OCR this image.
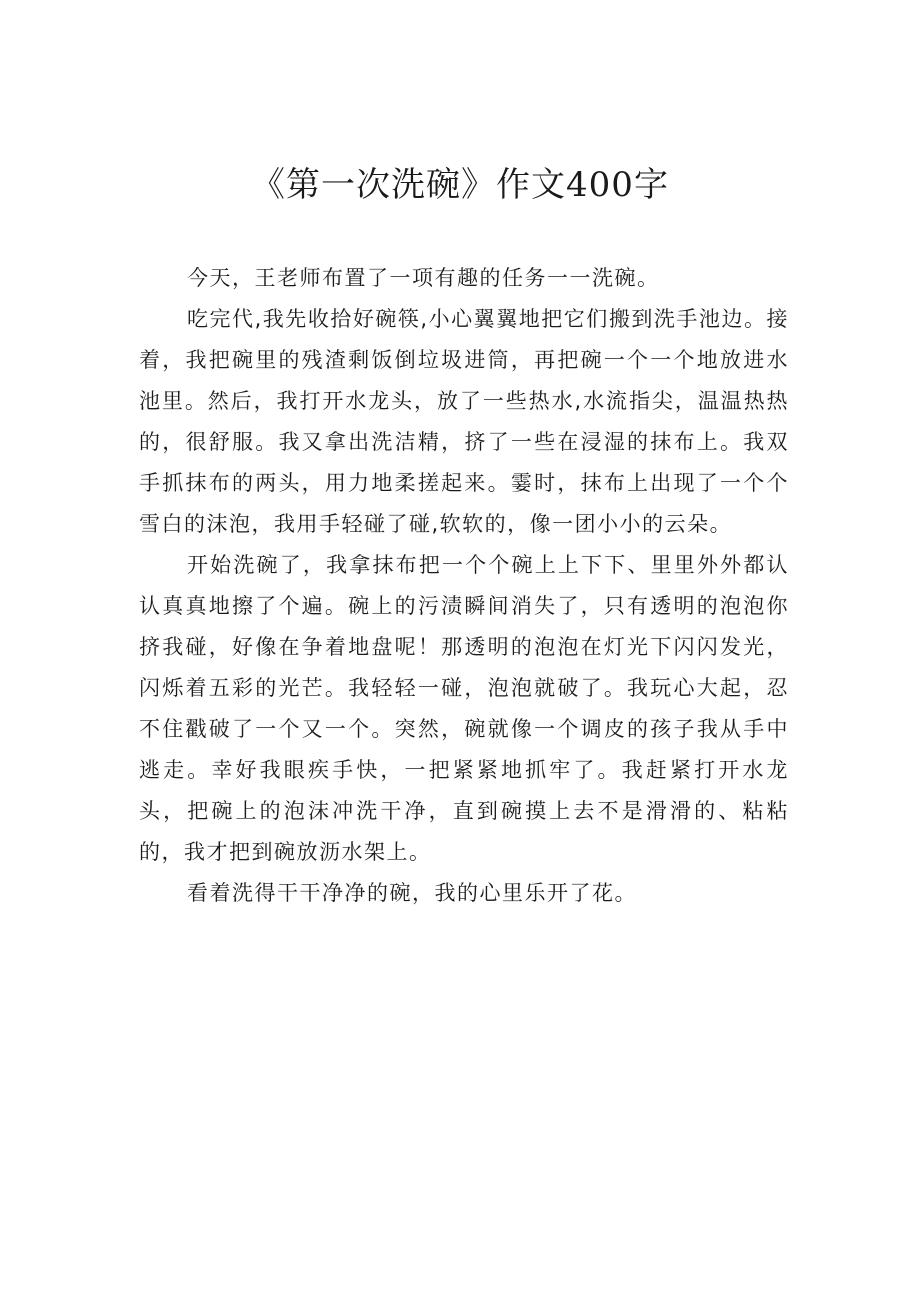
《第一次洗碗》作文400字

今天，王老师布置了一项有趣的任务一一洗碗。

吃完代,我先收拾好碗筷,小心翼翼地把它们搬到洗手池边。接着，我把碗里的残渣剩饭倒垃圾进筒，再把碗一个一个地放进水池里。然后，我打开水龙头，放了一些热水,水流指尖，温温热热的，很舒服。我又拿出洗洁精，挤了一些在浸湿的抹布上。我双手抓抹布的两头，用力地柔搓起来。霎时，抹布上出现了一个个雪白的沫泡，我用手轻碰了碰,软软的，像一团小小的云朵。

开始洗碗了，我拿抹布把一个个碗上上下下、里里外外都认认真真地擦了个遍。碗上的污渍瞬间消失了，只有透明的泡泡你挤我碰，好像在争着地盘呢！那透明的泡泡在灯光下闪闪发光，闪烁着五彩的光芒。我轻轻一碰，泡泡就破了。我玩心大起，忍不住戳破了一个又一个。突然，碗就像一个调皮的孩子我从手中逃走。幸好我眼疾手快，一把紧紧地抓牢了。我赶紧打开水龙头，把碗上的泡沫冲洗干净，直到碗摸上去不是滑滑的、粘粘的，我才把到碗放沥水架上。

看着洗得干干净净的碗，我的心里乐开了花。
